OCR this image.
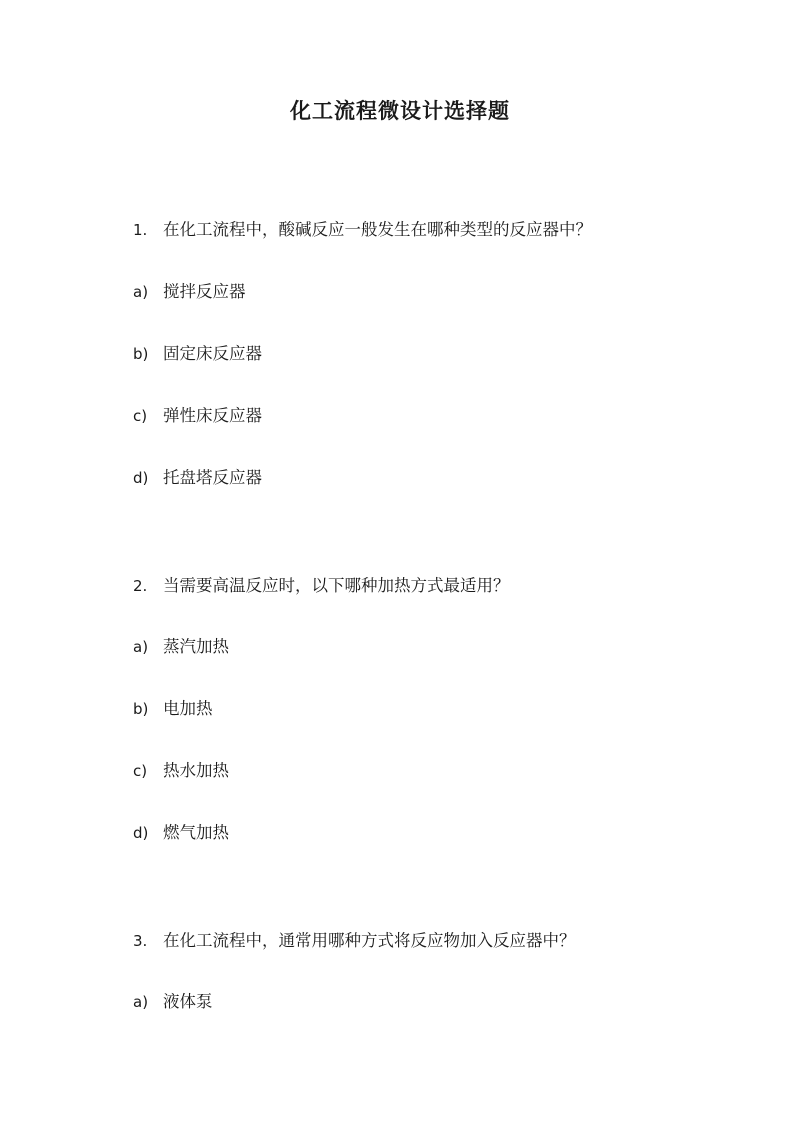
化工流程微设计选择题

1. 在化工流程中，酸碱反应一般发生在哪种类型的反应器中？

a) 搅拌反应器

b) 固定床反应器

c) 弹性床反应器

d) 托盘塔反应器

2. 当需要高温反应时，以下哪种加热方式最适用？

a) 蒸汽加热

b) 电加热

c) 热水加热

d) 燃气加热

3. 在化工流程中，通常用哪种方式将反应物加入反应器中？

a) 液体泵
